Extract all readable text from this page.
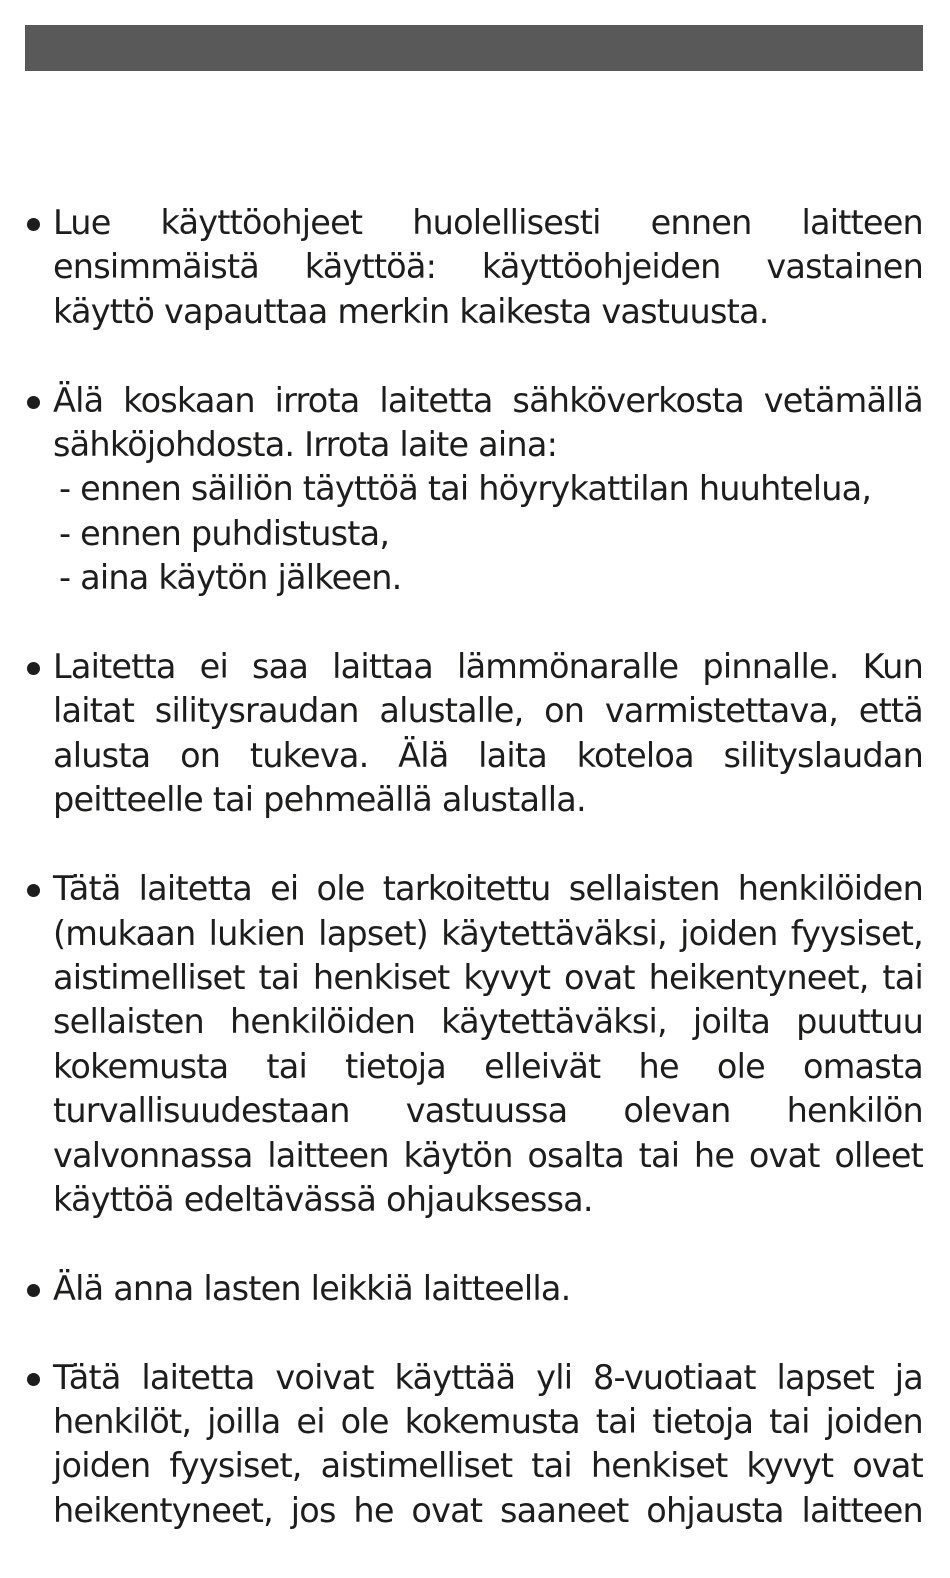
Lue käyttöohjeet huolellisesti ennen laitteen ensimmäistä käyttöä: käyttöohjeiden vastainen käyttö vapauttaa merkin kaikesta vastuusta.
Älä koskaan irrota laitetta sähköverkosta vetämällä sähköjohdosta. Irrota laite aina:
- ennen säiliön täyttöä tai höyrykattilan huuhtelua,
- ennen puhdistusta,
- aina käytön jälkeen.
Laitetta ei saa laittaa lämmönaralle pinnalle. Kun laitat silitysraudan alustalle, on varmistettava, että alusta on tukeva. Älä laita koteloa silityslaudan peitteelle tai pehmeällä alustalla.
Tätä laitetta ei ole tarkoitettu sellaisten henkilöiden (mukaan lukien lapset) käytettäväksi, joiden fyysiset, aistimelliset tai henkiset kyvyt ovat heikentyneet, tai sellaisten henkilöiden käytettäväksi, joilta puuttuu kokemusta tai tietoja elleivät he ole omasta turvallisuudestaan vastuussa olevan henkilön valvonnassa laitteen käytön osalta tai he ovat olleet käyttöä edeltävässä ohjauksessa.
Älä anna lasten leikkiä laitteella.
Tätä laitetta voivat käyttää yli 8-vuotiaat lapset ja henkilöt, joilla ei ole kokemusta tai tietoja tai joiden joiden fyysiset, aistimelliset tai henkiset kyvyt ovat heikentyneet, jos he ovat saaneet ohjausta laitteen
